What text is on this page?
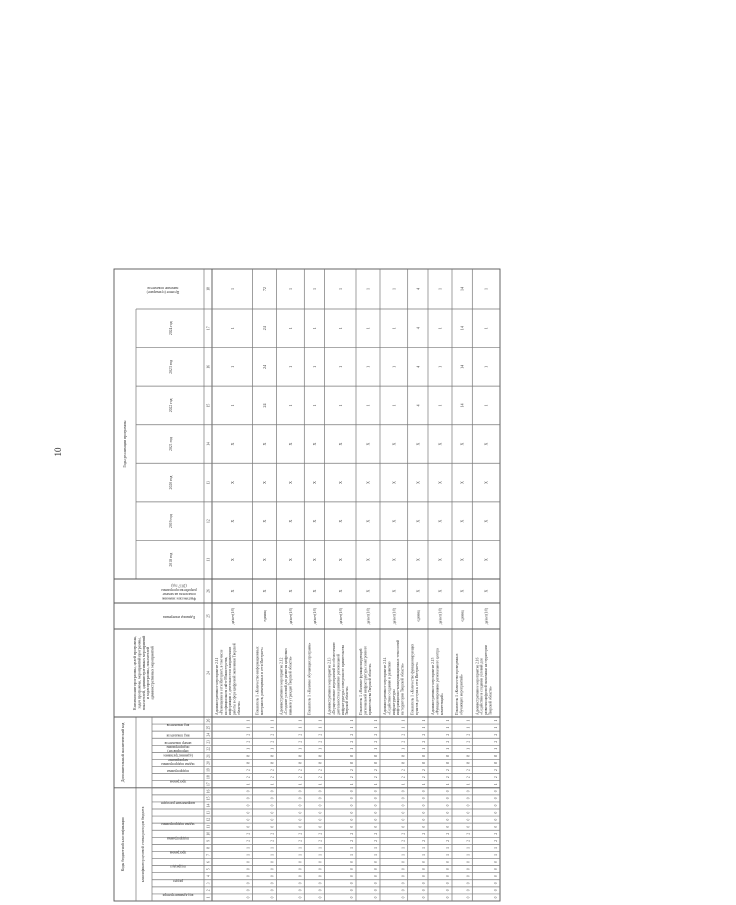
10
Коды бюджетной классификации	классификатор целевой статьи расходов бюджета
Дополнительный аналитический код
код администратора
раздел
подраздел
программа
подпрограмма
задача подпрограммы
направление расходов
программа
подпрограмма
задача подпрограммы
мероприятие(административноемероприятие)подпрограммы
номер показателя
вид показателя
код показателя
1
2
3
4
5
6
7
8
9
10
11
12
13
14
15
16
17
18
19
20
21
22
23
24
25
26
Наименование программы, целей программы,задач программы, мероприятий программы,показателей, административных мероприятийи задач программы, показателейадминистративных мероприятий
Единица измерения
Фактическое значениепоказателя на моментразработки программы(2017 год)
Годы реализации программы
2018 год
2019 год
2020 год
2021 год
2022 год
2023 год
2024 год
Целевое (суммарное)значение показателя
24
25
26
11
12
13
14
15
16
17
18
0
0
0
0
0
0
1
1
2
2
0
0
0
0
0
0
1
2
2
8
8
1
2
2
1
1
Административное мероприятие 2.11«Размещение в сети Интернет, в том числена официальном сайте Министерства,информации о деятельности и направленияхработы в сфере цифровой экономики Тверскойобласти»
да/нет(1/0)
X
X
X
X
X
1
1
1
1
0
0
0
0
0
0
1
1
2
2
0
0
0
0
0
0
1
2
2
8
8
1
2
2
1
1
Показатель 1 «Количество информационныхматериалов, размещенных в сети Интернет»
единиц
X
X
X
X
X
24
24
24
72
0
0
0
0
0
0
1
1
2
2
0
0
0
0
0
0
1
2
2
8
8
1
2
2
1
1
Административное мероприятие 2.12«Создание условий для развития цифровыхнавыков у граждан Тверской области»
да/нет(1/0)
X
X
X
X
X
1
1
1
1
0
0
0
0
0
0
1
1
2
2
0
0
0
0
0
0
1
2
2
8
8
1
2
2
1
1
Показатель 1 «Наличие обучающих программ»
да/нет(1/0)
X
X
X
X
X
1
1
1
1
0
0
0
0
0
0
1
1
2
2
0
0
0
0
0
0
1
2
2
8
8
1
2
2
1
1
Административное мероприятие 2.13«Осуществление мероприятий по обеспечениюдеятельности и развитию региональнойинфраструктуры электронного правительстваТверской области»
да/нет(1/0)
X
X
X
X
X
1
1
1
1
0
0
0
0
0
0
1
1
2
2
0
0
0
0
0
0
1
2
2
8
8
1
2
2
1
1
Показатель 1 «Наличие функционирующейрегиональной инфраструктуры электронногоправительства Тверской области»
да/нет(1/0)
X
X
X
X
X
1
1
1
1
0
0
0
0
0
0
1
1
2
2
0
0
0
0
0
0
1
2
2
8
8
1
2
2
1
1
Административное мероприятие 2.14«Содействие созданию и развитиюинфраструктурыинформационно-коммуникационных технологийна территории Тверской области»
да/нет(1/0)
X
X
X
X
X
1
1
1
1
0
0
0
0
0
0
1
1
2
2
0
0
0
0
0
0
1
2
2
8
8
1
2
2
1
1
Показатель 1 «Количество функционирующихпунктов доступа к сети Интернет»
единиц
X
X
X
X
X
4
4
4
4
0
0
0
0
0
0
1
1
2
2
0
0
0
0
0
0
1
2
2
8
8
1
2
2
1
1
Административное мероприятие 2.15«Функционирование регионального центракомпетенций»
да/нет(1/0)
X
X
X
X
X
1
1
1
1
0
0
0
0
0
0
1
1
2
2
0
0
0
0
0
0
1
2
2
8
8
1
2
2
1
1
Показатель 1 «Количество проведенныхобучающих мероприятий»
единиц
X
X
X
X
X
14
14
14
14
0
0
0
0
0
0
1
1
2
2
0
0
0
0
0
0
1
2
2
8
8
1
2
2
1
1
Административное мероприятие 2.16«Содействие в создании условий дляразвития цифровой экономики на территорииТверской области»
да/нет(1/0)
X
X
X
X
X
1
1
1
1
